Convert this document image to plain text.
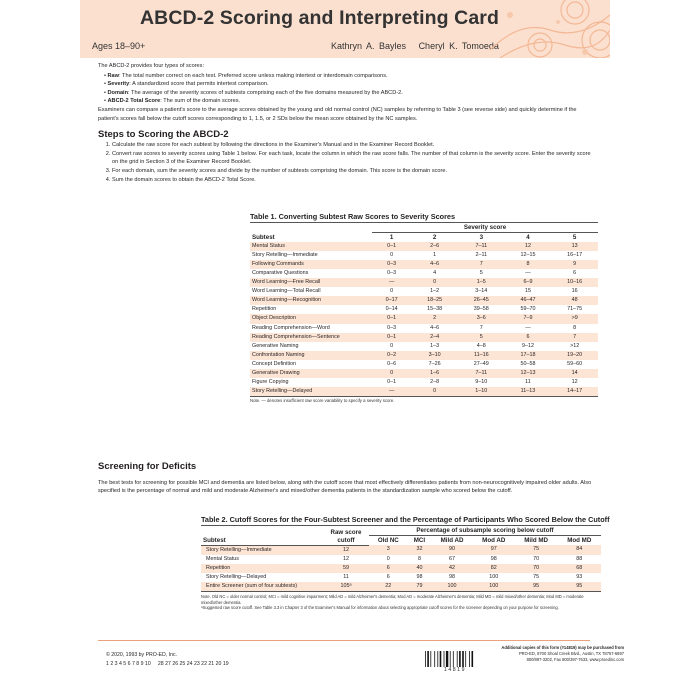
ABCD-2 Scoring and Interpreting Card
Ages 18–90+	Kathryn A. Bayles Cheryl K. Tomoeda

The ABCD-2 provides four types of scores:

• Raw: The total number correct on each test. Preferred score unless making intertest or interdomain comparisons.
• Severity: A standardized score that permits intertest comparison.
• Domain: The average of the severity scores of subtests comprising each of the five domains measured by the ABCD-2.
• ABCD-2 Total Score: The sum of the domain scores.

Examiners can compare a patient's score to the average scores obtained by the young and old normal control (NC) samples by referring to Table 3 (see reverse side) and quickly determine if the patient's scores fall below the cutoff scores corresponding to 1, 1.5, or 2 SDs below the mean score obtained by the NC samples.

Steps to Scoring the ABCD-2
1. Calculate the raw score for each subtest by following the directions in the Examiner's Manual and in the Examiner Record Booklet.
2. Convert raw scores to severity scores using Table 1 below. For each task, locate the column in which the raw score falls. The number of that column is the severity score. Enter the severity score on the grid in Section 3 of the Examiner Record Booklet.
3. For each domain, sum the severity scores and divide by the number of subtests comprising the domain. This score is the domain score.
4. Sum the domain scores to obtain the ABCD-2 Total Score.
Table 1. Converting Subtest Raw Scores to Severity Scores
	Severity score				
Subtest	1	2	3	4	5
Mental Status	0–1	2–6	7–11	12	13
Story Retelling—Immediate	0	1	2–11	12–15	16–17
Following Commands	0–3	4–6	7	8	9
Comparative Questions	0–3	4	5	—	6
Word Learning—Free Recall	—	0	1–5	6–9	10–16
Word Learning—Total Recall	0	1–2	3–14	15	16
Word Learning—Recognition	0–17	18–25	26–45	46–47	48
Repetition	0–14	15–38	39–58	59–70	71–75
Object Description	0–1	2	3–6	7–9	>9
Reading Comprehension—Word	0–3	4–6	7	—	8
Reading Comprehension—Sentence	0–1	2–4	5	6	7
Generative Naming	0	1–3	4–8	9–12	>12
Confrontation Naming	0–2	3–10	11–16	17–18	19–20
Concept Definition	0–6	7–26	27–49	50–58	59–60
Generative Drawing	0	1–6	7–11	12–13	14
Figure Copying	0–1	2–8	9–10	11	12
Story Retelling—Delayed	—	0	1–10	11–13	14–17
Note. — denotes insufficient raw score variability to specify a severity score.
Screening for Deficits

The best tests for screening for possible MCI and dementia are listed below, along with the cutoff score that most effectively differentiates patients from non-neurocognitively impaired older adults. Also specified is the percentage of normal and mild and moderate Alzheimer's and mixed/other dementia patients in the standardization sample who scored below the cutoff.

Table 2. Cutoff Scores for the Four-Subtest Screener and the Percentage of Participants Who Scored Below the Cutoff
Subtest	Raw score cutoff	Percentage of subsample scoring below cutoff					
		Old NC	MCI	Mild AD	Mod AD	Mild MD	Mod MD
Story Retelling—Immediate	12	3	32	90	97	75	84
Mental Status	12	0	8	67	98	70	88
Repetition	59	6	40	42	82	70	68
Story Retelling—Delayed	11	6	98	98	100	75	93
Entire Screener (sum of four subtests)	105ᵃ	22	79	100	100	95	95
Note. Old NC = older normal control; MCI = mild cognitive impairment; Mild AD = mild Alzheimer's dementia; Mod AD = moderate Alzheimer's dementia; Mild MD = mild mixed/other dementia; Mod MD = moderate mixed/other dementia.
ᵃSuggested raw score cutoff. See Table 3.3 in Chapter 3 of the Examiner's Manual for information about selecting appropriate cutoff scores for the screener depending on your purpose for screening.
© 2020, 1993 by PRO-ED, Inc.
1 2 3 4 5 6 7 8 9 10     28 27 26 25 24 23 22 21 20 19
14819
Additional copies of this form (#14819) may be purchased from
PRO-ED, 8700 Shoal Creek Blvd., Austin, TX 78757-6897
800/897-3202, Fax 800/397-7633, www.proedinc.com
